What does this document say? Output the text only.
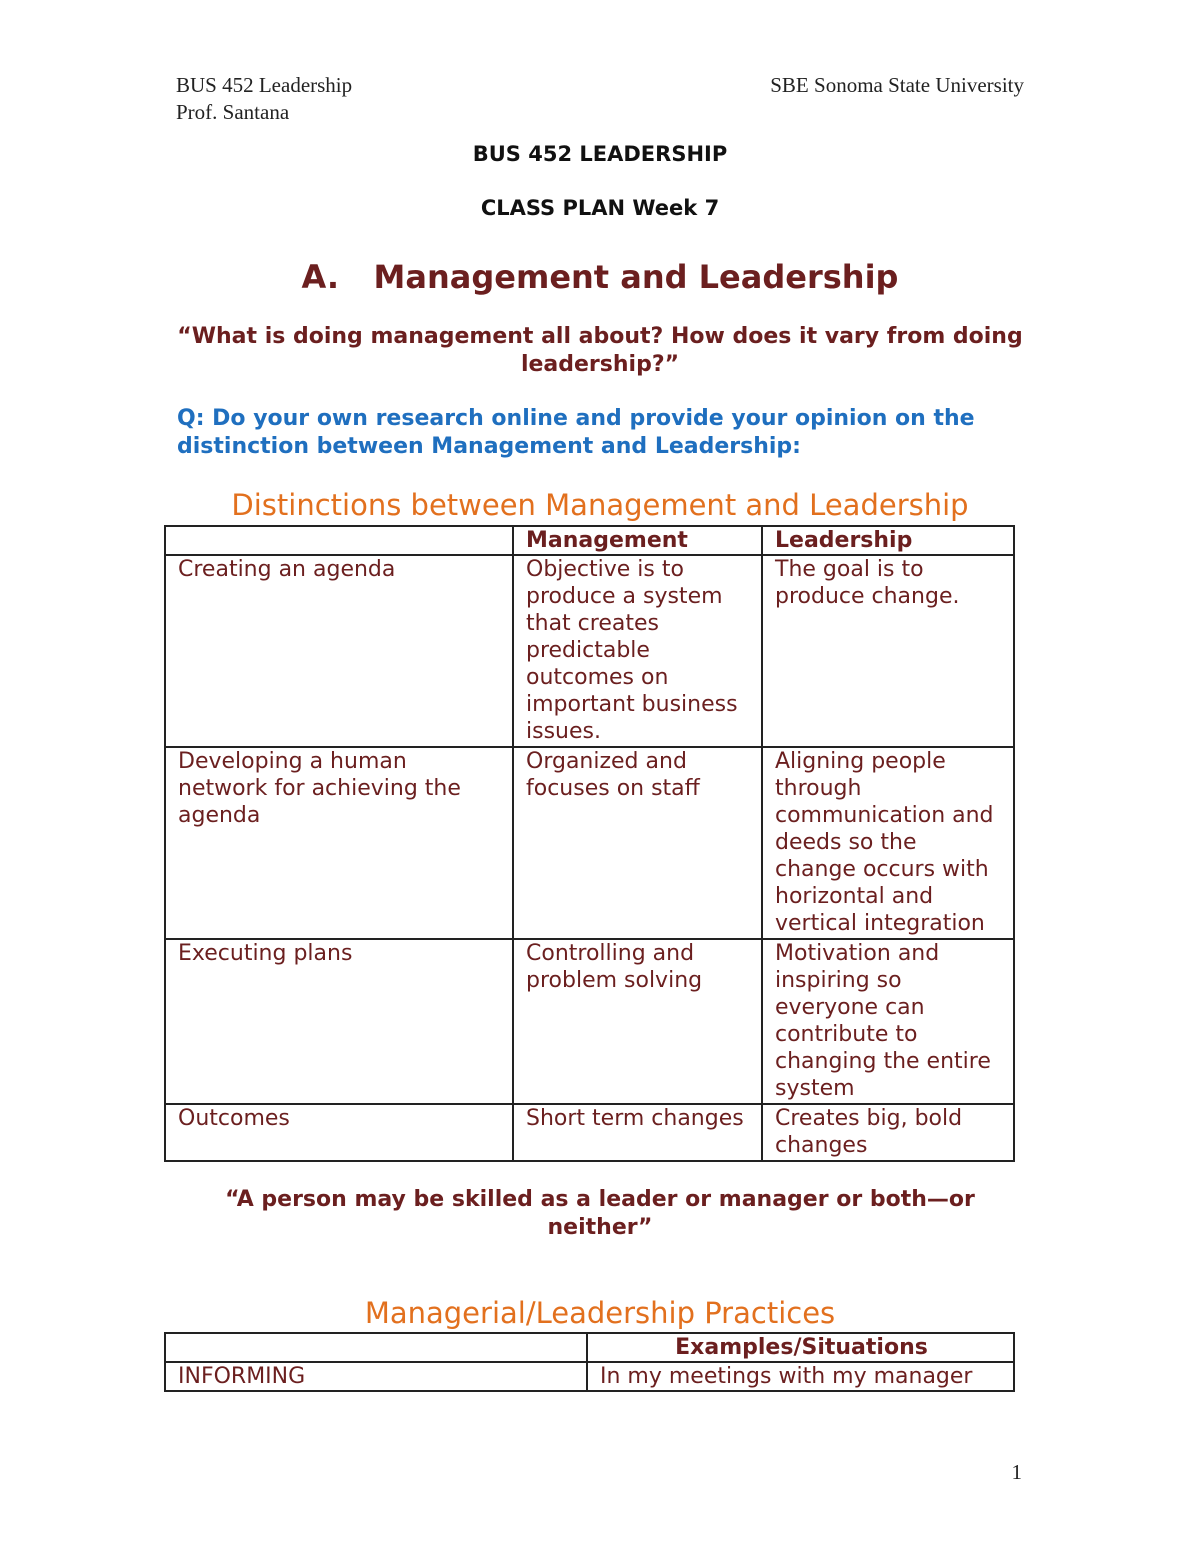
BUS 452 Leadership
Prof. Santana
SBE Sonoma State University
BUS 452 LEADERSHIP
CLASS PLAN Week 7
A. Management and Leadership
“What is doing management all about? How does it vary from doing leadership?”
Q: Do your own research online and provide your opinion on the distinction between Management and Leadership:
Distinctions between Management and Leadership
	Management	Leadership
Creating an agenda	Objective is to produce a system that creates predictable outcomes on important business issues.	The goal is to produce change.
Developing a human network for achieving the agenda	Organized and focuses on staff	Aligning people through communication and deeds so the change occurs with horizontal and vertical integration
Executing plans	Controlling and problem solving	Motivation and inspiring so everyone can contribute to changing the entire system
Outcomes	Short term changes	Creates big, bold changes
“A person may be skilled as a leader or manager or both—or neither”
Managerial/Leadership Practices
	Examples/Situations
INFORMING	In my meetings with my manager
1
